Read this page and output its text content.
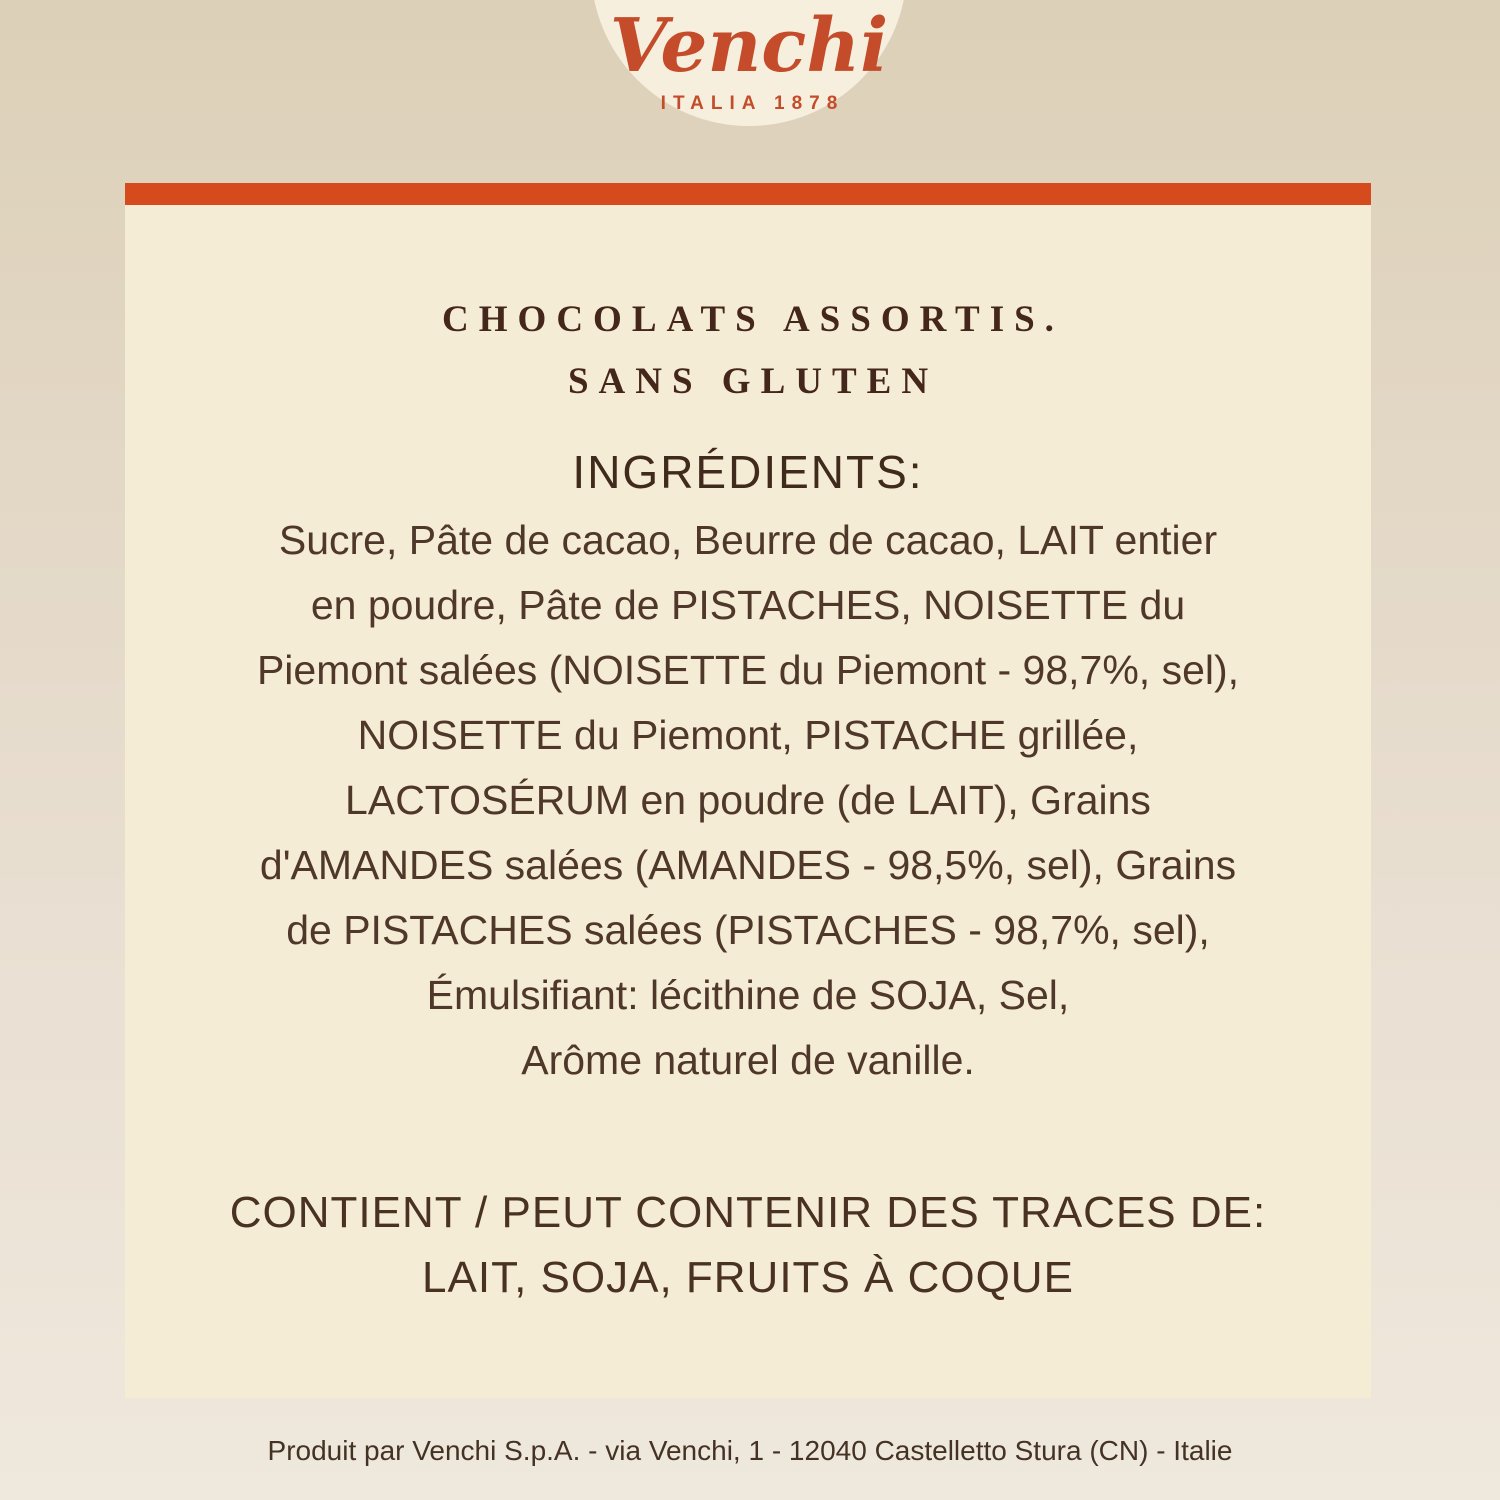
Venchi
ITALIA 1878
CHOCOLATS ASSORTIS.
SANS GLUTEN
INGRÉDIENTS:
Sucre, Pâte de cacao, Beurre de cacao, LAIT entier
en poudre, Pâte de PISTACHES, NOISETTE du
Piemont salées (NOISETTE du Piemont - 98,7%, sel),
NOISETTE du Piemont, PISTACHE grillée,
LACTOSÉRUM en poudre (de LAIT), Grains
d'AMANDES salées (AMANDES - 98,5%, sel), Grains
de PISTACHES salées (PISTACHES - 98,7%, sel),
Émulsifiant: lécithine de SOJA, Sel,
Arôme naturel de vanille.
CONTIENT / PEUT CONTENIR DES TRACES DE:
LAIT, SOJA, FRUITS À COQUE
Produit par Venchi S.p.A. - via Venchi, 1 - 12040 Castelletto Stura (CN) - Italie
